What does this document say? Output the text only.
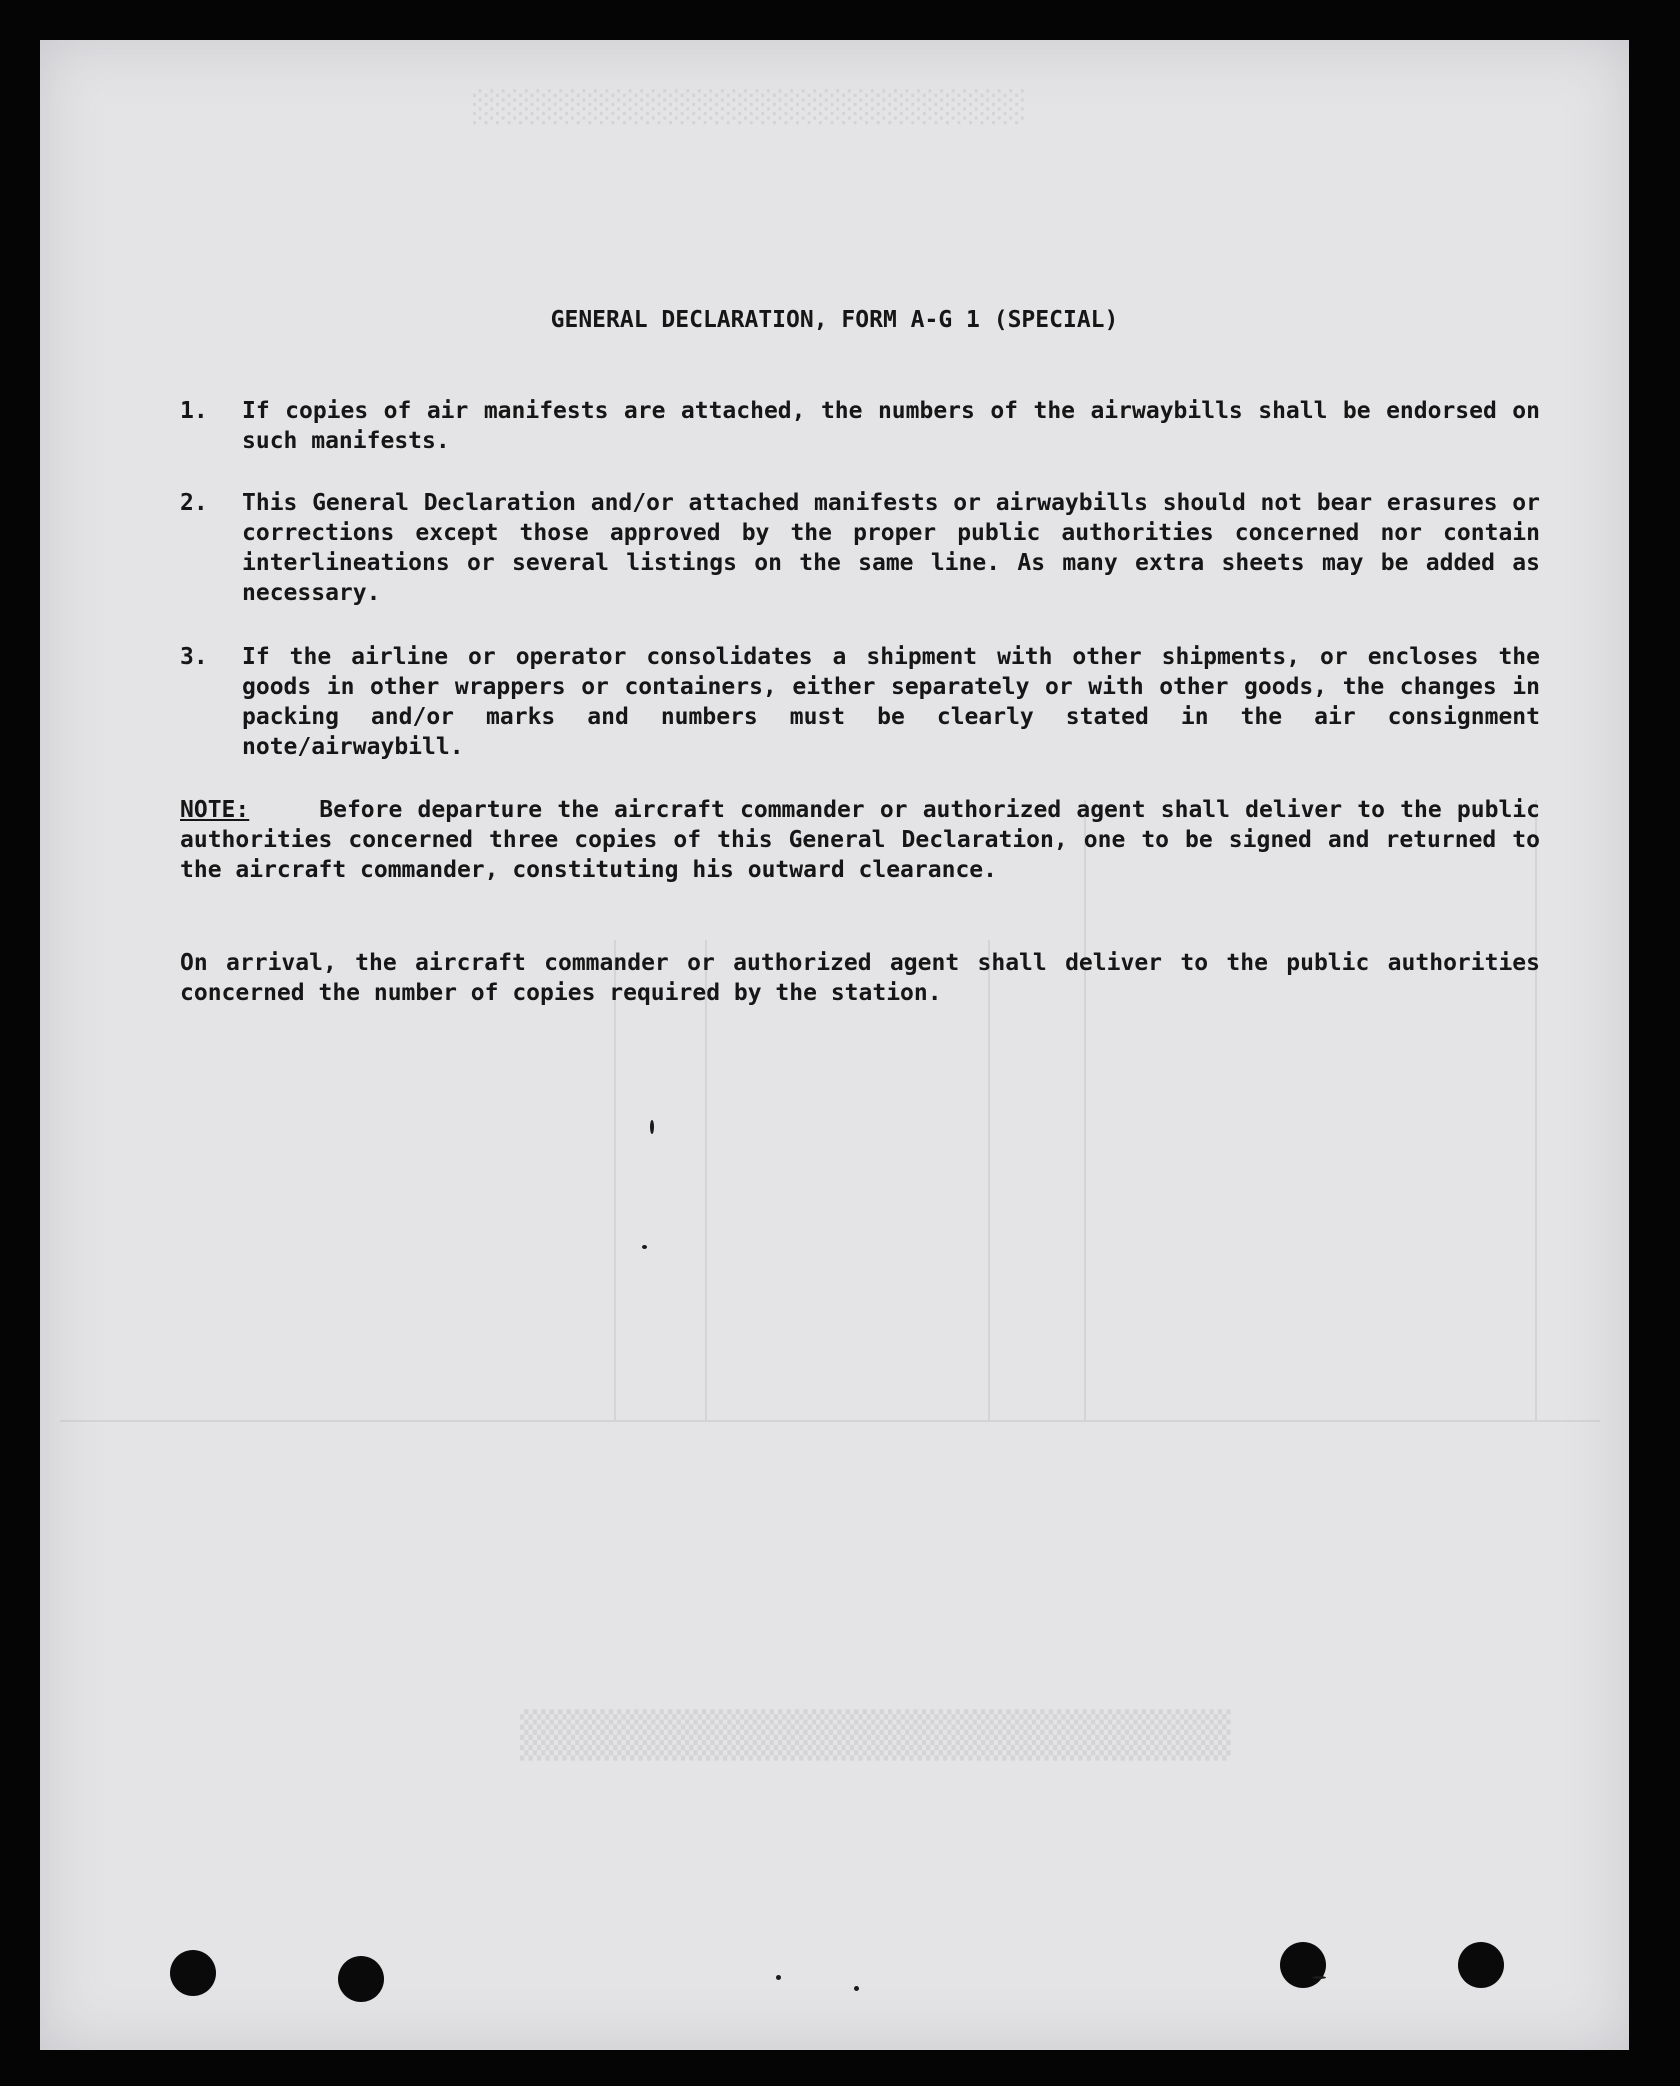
░░░░░░░░░░░░░░░░░░░░░░░░
▒▒▒▒▒▒▒▒▒▒▒▒▒▒▒▒▒▒▒▒▒
GENERAL DECLARATION, FORM A-G 1 (SPECIAL)
1.	If copies of air manifests are attached, the numbers of the airwaybills shall be endorsed on such manifests.
2.	This General Declaration and/or attached manifests or airwaybills should not bear erasures or corrections except those approved by the proper public authorities concerned nor contain interlineations or several listings on the same line. As many extra sheets may be added as necessary.
3.	If the airline or operator consolidates a shipment with other shipments, or encloses the goods in other wrappers or containers, either separately or with other goods, the changes in packing and/or marks and numbers must be clearly stated in the air consignment note/airwaybill.
NOTE:	Before departure the aircraft commander or authorized agent shall deliver to the public authorities concerned three copies of this General Declaration, one to be signed and returned to the aircraft commander, constituting his outward clearance.
On arrival, the aircraft commander or authorized agent shall deliver to the public authorities concerned the number of copies required by the station.
